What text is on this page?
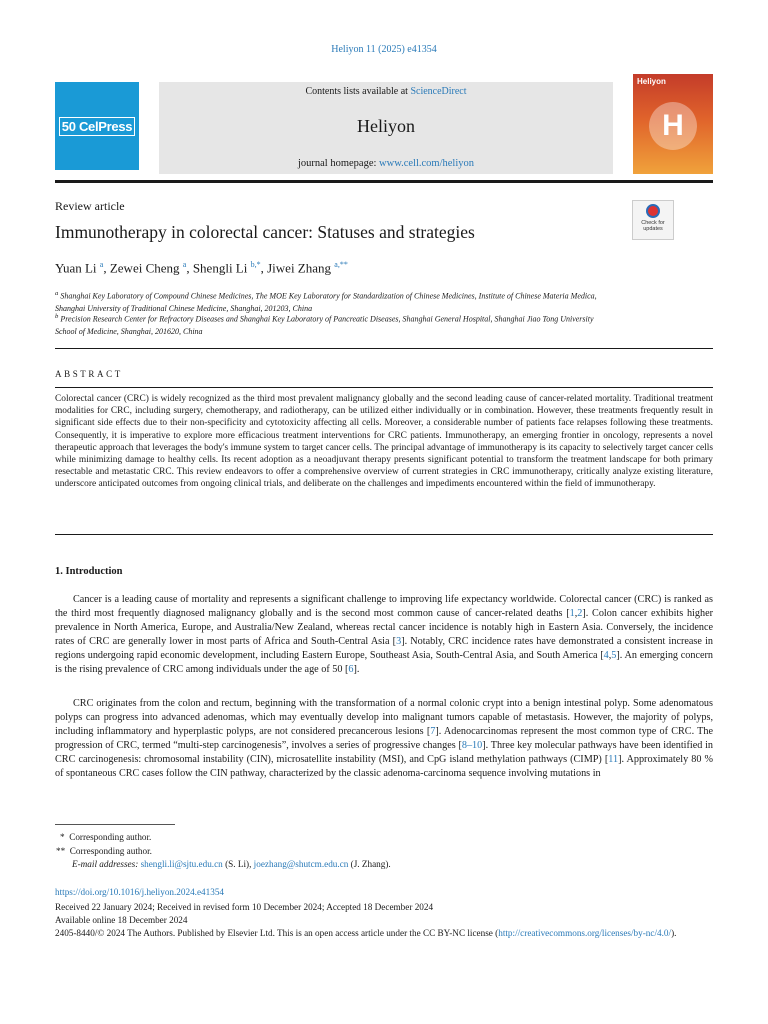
Heliyon 11 (2025) e41354
50 CelPress
Contents lists available at ScienceDirect
Heliyon
journal homepage: www.cell.com/heliyon
Heliyon
H
Review article
Immunotherapy in colorectal cancer: Statuses and strategies	Check for
updates
Yuan Li $^a$, Zewei Cheng $^a$, Shengli Li $^{b,*}$, Jiwei Zhang $^{a,**}$
$^a$ Shanghai Key Laboratory of Compound Chinese Medicines, The MOE Key Laboratory for Standardization of Chinese Medicines, Institute of Chinese Materia Medica, Shanghai University of Traditional Chinese Medicine, Shanghai, 201203, China
$^b$ Precision Research Center for Refractory Diseases and Shanghai Key Laboratory of Pancreatic Diseases, Shanghai General Hospital, Shanghai Jiao Tong University School of Medicine, Shanghai, 201620, China
ABSTRACT
Colorectal cancer (CRC) is widely recognized as the third most prevalent malignancy globally and the second leading cause of cancer-related mortality. Traditional treatment modalities for CRC, including surgery, chemotherapy, and radiotherapy, can be utilized either individually or in combination. However, these treatments frequently result in significant side effects due to their non-specificity and cytotoxicity affecting all cells. Moreover, a considerable number of patients face relapses following these treatments. Consequently, it is imperative to explore more efficacious treatment interventions for CRC patients. Immunotherapy, an emerging frontier in oncology, represents a novel therapeutic approach that leverages the body's immune system to target cancer cells. The principal advantage of immunotherapy is its capacity to selectively target cancer cells while minimizing damage to healthy cells. Its recent adoption as a neoadjuvant therapy presents significant potential to transform the treatment landscape for both primary resectable and metastatic CRC. This review endeavors to offer a comprehensive overview of current strategies in CRC immunotherapy, critically analyze existing literature, underscore anticipated outcomes from ongoing clinical trials, and deliberate on the challenges and impediments encountered within the field of immunotherapy.
1. Introduction
Cancer is a leading cause of mortality and represents a significant challenge to improving life expectancy worldwide. Colorectal cancer (CRC) is ranked as the third most frequently diagnosed malignancy globally and is the second most common cause of cancer-related deaths [1,2]. Colon cancer exhibits higher prevalence in North America, Europe, and Australia/New Zealand, whereas rectal cancer incidence is notably high in Eastern Asia. Conversely, the incidence rates of CRC are generally lower in most parts of Africa and South-Central Asia [3]. Notably, CRC incidence rates have demonstrated a consistent increase in regions undergoing rapid economic development, including Eastern Europe, Southeast Asia, South-Central Asia, and South America [4,5]. An emerging concern is the rising prevalence of CRC among individuals under the age of 50 [6].
CRC originates from the colon and rectum, beginning with the transformation of a normal colonic crypt into a benign intestinal polyp. Some adenomatous polyps can progress into advanced adenomas, which may eventually develop into malignant tumors capable of metastasis. However, the majority of polyps, including inflammatory and hyperplastic polyps, are not considered precancerous lesions [7]. Adenocarcinomas represent the most common type of CRC. The progression of CRC, termed “multi-step carcinogenesis”, involves a series of progressive changes [8–10]. Three key molecular pathways have been identified in CRC carcinogenesis: chromosomal instability (CIN), microsatellite instability (MSI), and CpG island methylation pathways (CIMP) [11]. Approximately 80 % of spontaneous CRC cases follow the CIN pathway, characterized by the classic adenoma-carcinoma sequence involving mutations in
* Corresponding author.
** Corresponding author.
E-mail addresses: shengli.li@sjtu.edu.cn (S. Li), joezhang@shutcm.edu.cn (J. Zhang).
https://doi.org/10.1016/j.heliyon.2024.e41354
Received 22 January 2024; Received in revised form 10 December 2024; Accepted 18 December 2024
Available online 18 December 2024
2405-8440/© 2024 The Authors. Published by Elsevier Ltd. This is an open access article under the CC BY-NC license (http://creativecommons.org/licenses/by-nc/4.0/).
